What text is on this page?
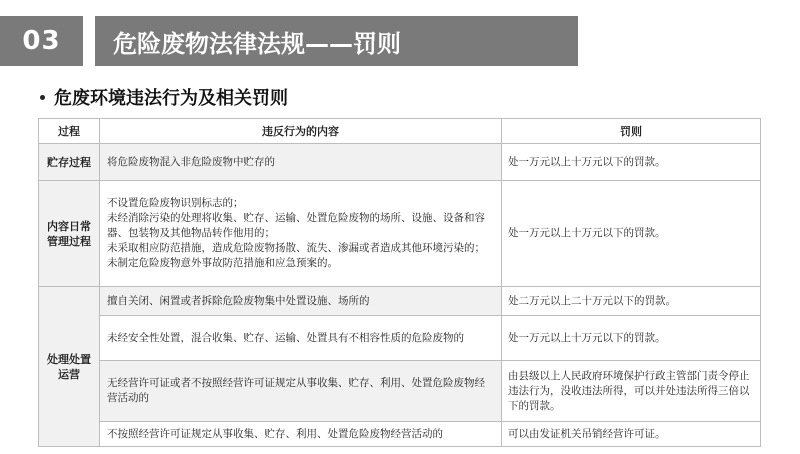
03 危险废物法律法规——罚则
危废环境违法行为及相关罚则
过程	违反行为的内容	罚则
贮存过程	将危险废物混入非危险废物中贮存的	处一万元以上十万元以下的罚款。
内容日常管理过程	不设置危险废物识别标志的；
未经消除污染的处理将收集、贮存、运输、处置危险废物的场所、设施、设备和容器、包装物及其他物品转作他用的；
未采取相应防范措施，造成危险废物扬散、流失、渗漏或者造成其他环境污染的；
未制定危险废物意外事故防范措施和应急预案的。	处一万元以上十万元以下的罚款。
处理处置运营	擅自关闭、闲置或者拆除危险废物集中处置设施、场所的	处二万元以上二十万元以下的罚款。
	未经安全性处置，混合收集、贮存、运输、处置具有不相容性质的危险废物的	处一万元以上十万元以下的罚款。
	无经营许可证或者不按照经营许可证规定从事收集、贮存、利用、处置危险废物经营活动的	由县级以上人民政府环境保护行政主管部门责令停止违法行为，没收违法所得，可以并处违法所得三倍以下的罚款。
	不按照经营许可证规定从事收集、贮存、利用、处置危险废物经营活动的	可以由发证机关吊销经营许可证。
